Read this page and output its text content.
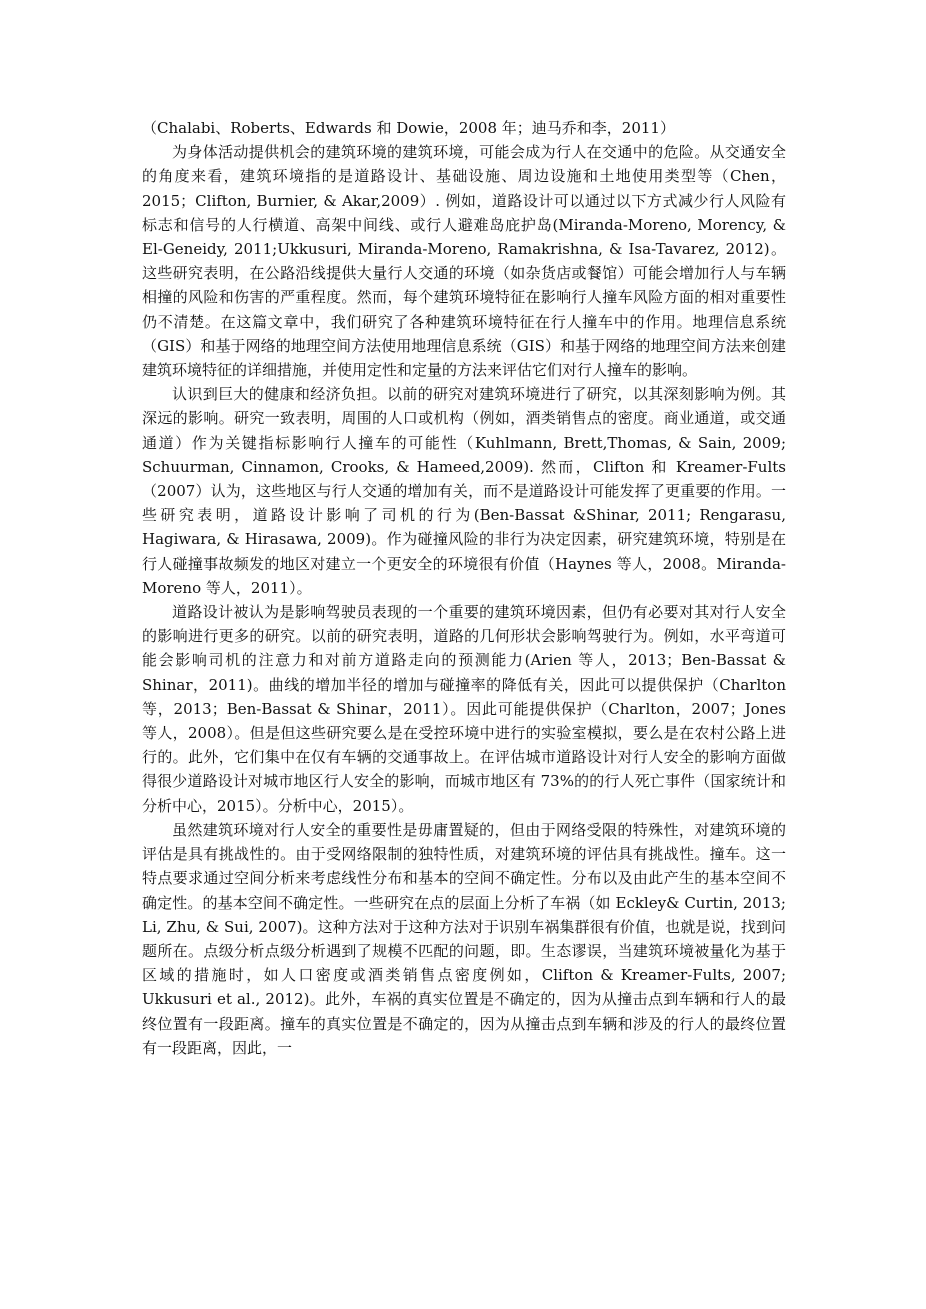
（Chalabi、Roberts、Edwards 和 Dowie，2008 年；迪马乔和李，2011）

为身体活动提供机会的建筑环境的建筑环境，可能会成为行人在交通中的危险。从交通安全的角度来看，建筑环境指的是道路设计、基础设施、周边设施和土地使用类型等（Chen，2015；Clifton, Burnier, & Akar,2009）. 例如，道路设计可以通过以下方式减少行人风险有标志和信号的人行横道、高架中间线、或行人避难岛庇护岛(Miranda-Moreno, Morency, & El-Geneidy, 2011;Ukkusuri, Miranda-Moreno, Ramakrishna, & Isa-Tavarez, 2012)。这些研究表明，在公路沿线提供大量行人交通的环境（如杂货店或餐馆）可能会增加行人与车辆相撞的风险和伤害的严重程度。然而，每个建筑环境特征在影响行人撞车风险方面的相对重要性仍不清楚。在这篇文章中，我们研究了各种建筑环境特征在行人撞车中的作用。地理信息系统（GIS）和基于网络的地理空间方法使用地理信息系统（GIS）和基于网络的地理空间方法来创建建筑环境特征的详细措施，并使用定性和定量的方法来评估它们对行人撞车的影响。

认识到巨大的健康和经济负担。以前的研究对建筑环境进行了研究，以其深刻影响为例。其深远的影响。研究一致表明，周围的人口或机构（例如，酒类销售点的密度。商业通道，或交通通道）作为关键指标影响行人撞车的可能性（Kuhlmann, Brett,Thomas, & Sain, 2009; Schuurman, Cinnamon, Crooks, & Hameed,2009). 然而，Clifton 和 Kreamer-Fults（2007）认为，这些地区与行人交通的增加有关，而不是道路设计可能发挥了更重要的作用。一些研究表明，道路设计影响了司机的行为(Ben-Bassat &Shinar, 2011; Rengarasu, Hagiwara, & Hirasawa, 2009)。作为碰撞风险的非行为决定因素，研究建筑环境，特别是在行人碰撞事故频发的地区对建立一个更安全的环境很有价值（Haynes 等人，2008。Miranda-Moreno 等人，2011）。

道路设计被认为是影响驾驶员表现的一个重要的建筑环境因素，但仍有必要对其对行人安全的影响进行更多的研究。以前的研究表明，道路的几何形状会影响驾驶行为。例如，水平弯道可能会影响司机的注意力和对前方道路走向的预测能力(Arien 等人，2013；Ben-Bassat & Shinar，2011)。曲线的增加半径的增加与碰撞率的降低有关，因此可以提供保护（Charlton 等，2013；Ben-Bassat & Shinar，2011）。因此可能提供保护（Charlton，2007；Jones 等人，2008）。但是但这些研究要么是在受控环境中进行的实验室模拟，要么是在农村公路上进行的。此外，它们集中在仅有车辆的交通事故上。在评估城市道路设计对行人安全的影响方面做得很少道路设计对城市地区行人安全的影响，而城市地区有 73%的的行人死亡事件（国家统计和分析中心，2015）。分析中心，2015）。

虽然建筑环境对行人安全的重要性是毋庸置疑的，但由于网络受限的特殊性，对建筑环境的评估是具有挑战性的。由于受网络限制的独特性质，对建筑环境的评估具有挑战性。撞车。这一特点要求通过空间分析来考虑线性分布和基本的空间不确定性。分布以及由此产生的基本空间不确定性。的基本空间不确定性。一些研究在点的层面上分析了车祸（如 Eckley& Curtin, 2013; Li, Zhu, & Sui, 2007)。这种方法对于这种方法对于识别车祸集群很有价值，也就是说，找到问题所在。点级分析点级分析遇到了规模不匹配的问题，即。生态谬误，当建筑环境被量化为基于区域的措施时，如人口密度或酒类销售点密度例如，Clifton & Kreamer-Fults, 2007; Ukkusuri et al., 2012)。此外，车祸的真实位置是不确定的，因为从撞击点到车辆和行人的最终位置有一段距离。撞车的真实位置是不确定的，因为从撞击点到车辆和涉及的行人的最终位置有一段距离，因此，一
